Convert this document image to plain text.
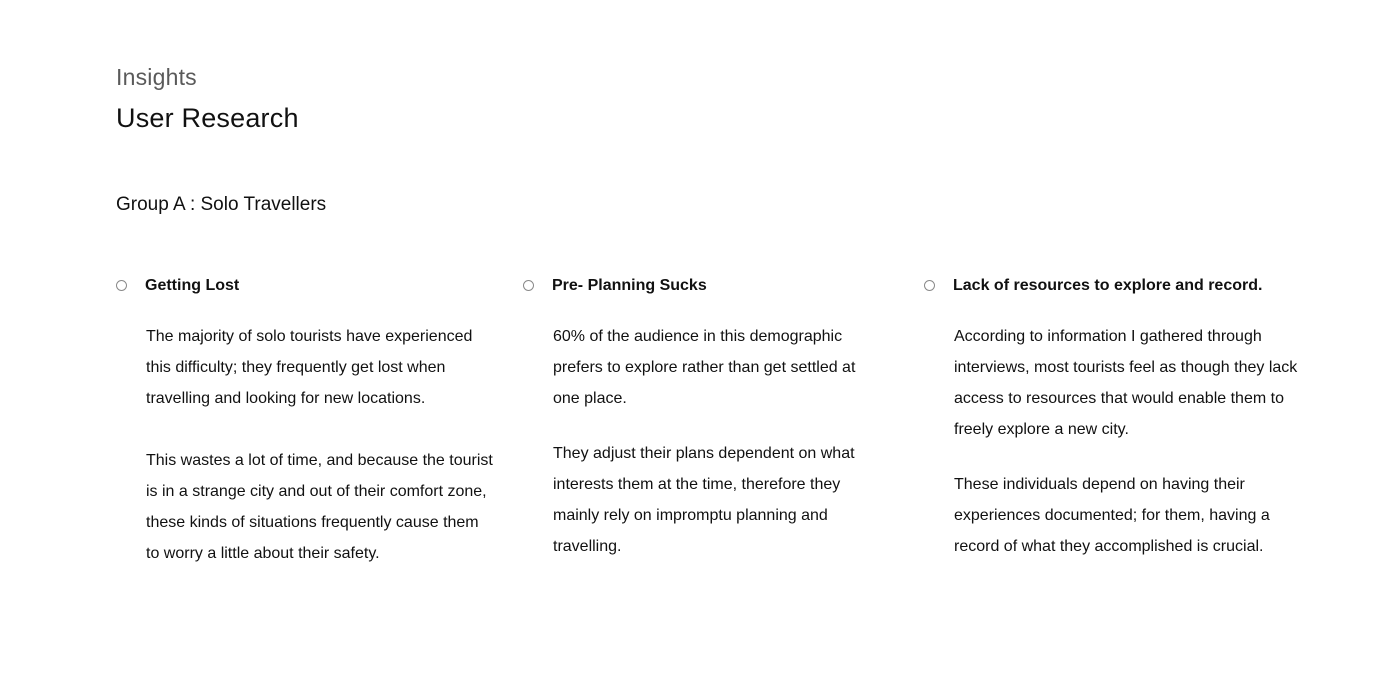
Insights
User Research
Group A : Solo Travellers
Getting Lost

The majority of solo tourists have experienced this difficulty; they frequently get lost when travelling and looking for new locations.

This wastes a lot of time, and because the tourist is in a strange city and out of their comfort zone, these kinds of situations frequently cause them to worry a little about their safety.

Pre- Planning Sucks

60% of the audience in this demographic prefers to explore rather than get settled at one place.

They adjust their plans dependent on what interests them at the time, therefore they mainly rely on impromptu planning and travelling.

Lack of resources to explore and record.

According to information I gathered through interviews, most tourists feel as though they lack access to resources that would enable them to freely explore a new city.

These individuals depend on having their experiences documented; for them, having a record of what they accomplished is crucial.
